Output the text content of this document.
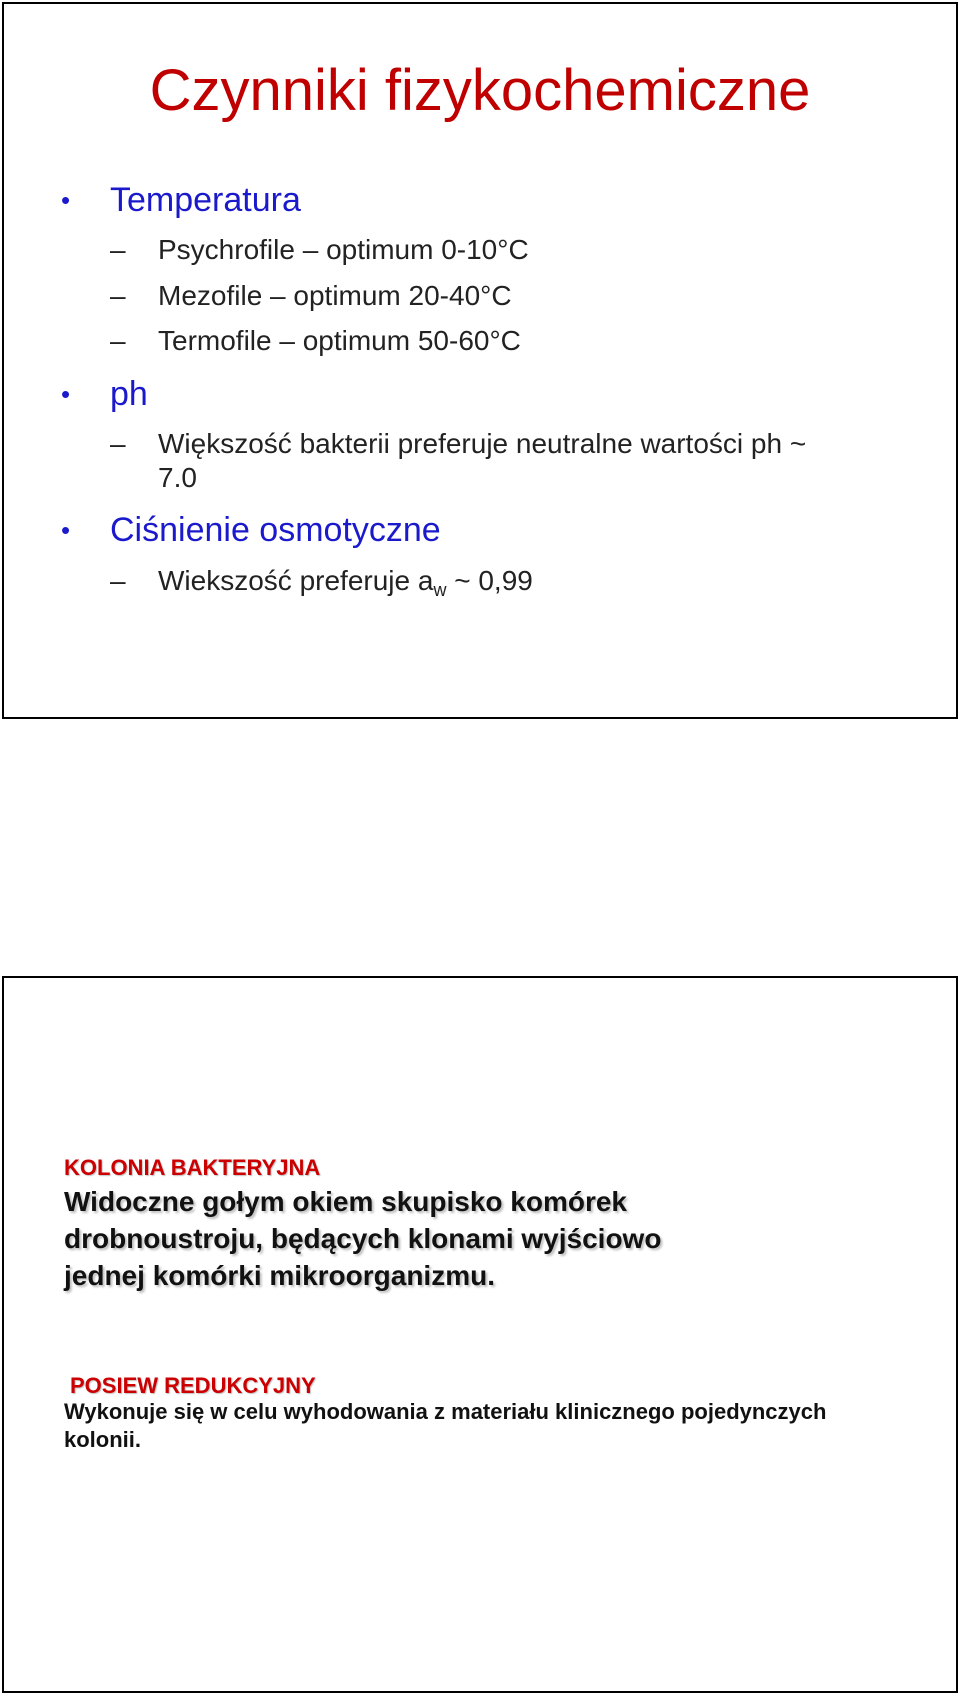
Czynniki fizykochemiczne
• Temperatura
–	Psychrofile – optimum 0-10°C
–	Mezofile – optimum 20-40°C
–	Termofile – optimum 50-60°C
• ph
–	Większość bakterii preferuje neutralne wartości ph ~
7.0
• Ciśnienie osmotyczne
–	Wiekszość preferuje $a_w$ ~ 0,99
KOLONIA BAKTERYJNA
Widoczne gołym okiem skupisko komórek
drobnoustroju, będących klonami wyjściowo
jednej komórki mikroorganizmu.
POSIEW REDUKCYJNY
Wykonuje się w celu wyhodowania z materiału klinicznego pojedynczych
kolonii.
